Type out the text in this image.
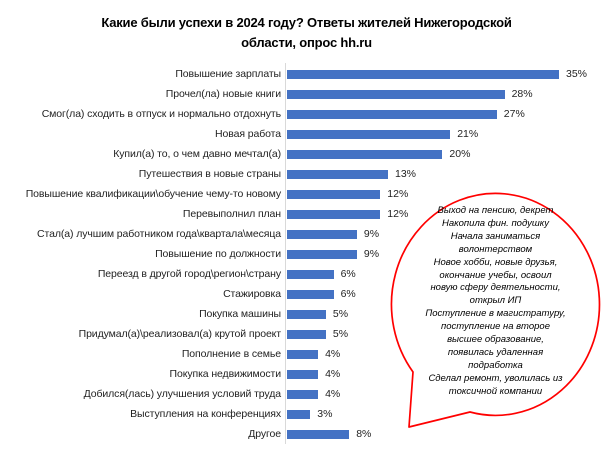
Какие были успехи в 2024 году? Ответы жителей Нижегородской области, опрос hh.ru
Повышение зарплаты	35%
Прочел(ла) новые книги	28%
Смог(ла) сходить в отпуск и нормально отдохнуть	27%
Новая работа	21%
Купил(а) то, о чем давно мечтал(а)	20%
Путешествия в новые страны	13%
Повышение квалификации\обучение чему-то новому	12%
Перевыполнил план	12%
Стал(а) лучшим работником года\квартала\месяца	9%
Повышение по должности	9%
Переезд в другой город\регион\страну	6%
Стажировка	6%
Покупка машины	5%
Придумал(а)\реализовал(а) крутой проект	5%
Пополнение в семье	4%
Покупка недвижимости	4%
Добился(лась) улучшения условий труда	4%
Выступления на конференциях	3%
Другое	8%
Выход на пенсию, декрет
Накопила фин. подушку
Начала заниматься
волонтерством
Новое хобби, новые друзья,
окончание учебы, освоил
новую сферу деятельности,
открыл ИП
Поступление в магистратуру,
поступление на второе
высшее образование,
появилась удаленная
подработка
Сделал ремонт, уволилась из
токсичной компании
